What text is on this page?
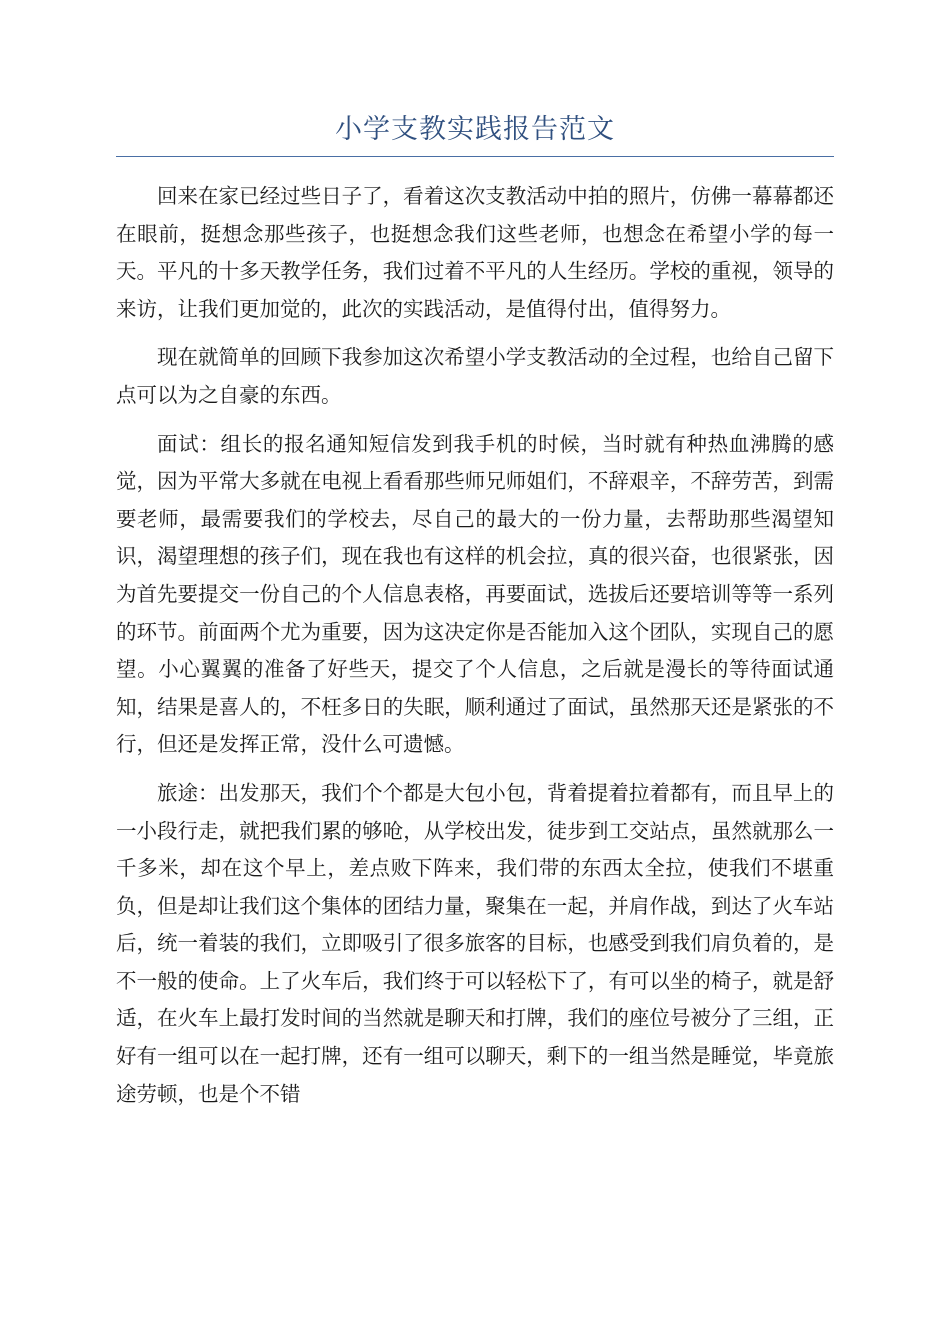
小学支教实践报告范文

回来在家已经过些日子了，看着这次支教活动中拍的照片，仿佛一幕幕都还在眼前，挺想念那些孩子，也挺想念我们这些老师，也想念在希望小学的每一天。平凡的十多天教学任务，我们过着不平凡的人生经历。学校的重视，领导的来访，让我们更加觉的，此次的实践活动，是值得付出，值得努力。

现在就简单的回顾下我参加这次希望小学支教活动的全过程，也给自己留下点可以为之自豪的东西。

面试：组长的报名通知短信发到我手机的时候，当时就有种热血沸腾的感觉，因为平常大多就在电视上看看那些师兄师姐们，不辞艰辛，不辞劳苦，到需要老师，最需要我们的学校去，尽自己的最大的一份力量，去帮助那些渴望知识，渴望理想的孩子们，现在我也有这样的机会拉，真的很兴奋，也很紧张，因为首先要提交一份自己的个人信息表格，再要面试，选拔后还要培训等等一系列的环节。前面两个尤为重要，因为这决定你是否能加入这个团队，实现自己的愿望。小心翼翼的准备了好些天，提交了个人信息，之后就是漫长的等待面试通知，结果是喜人的，不枉多日的失眠，顺利通过了面试，虽然那天还是紧张的不行，但还是发挥正常，没什么可遗憾。

旅途：出发那天，我们个个都是大包小包，背着提着拉着都有，而且早上的一小段行走，就把我们累的够呛，从学校出发，徒步到工交站点，虽然就那么一千多米，却在这个早上，差点败下阵来，我们带的东西太全拉，使我们不堪重负，但是却让我们这个集体的团结力量，聚集在一起，并肩作战，到达了火车站后，统一着装的我们，立即吸引了很多旅客的目标，也感受到我们肩负着的，是不一般的使命。上了火车后，我们终于可以轻松下了，有可以坐的椅子，就是舒适，在火车上最打发时间的当然就是聊天和打牌，我们的座位号被分了三组，正好有一组可以在一起打牌，还有一组可以聊天，剩下的一组当然是睡觉，毕竟旅途劳顿，也是个不错
